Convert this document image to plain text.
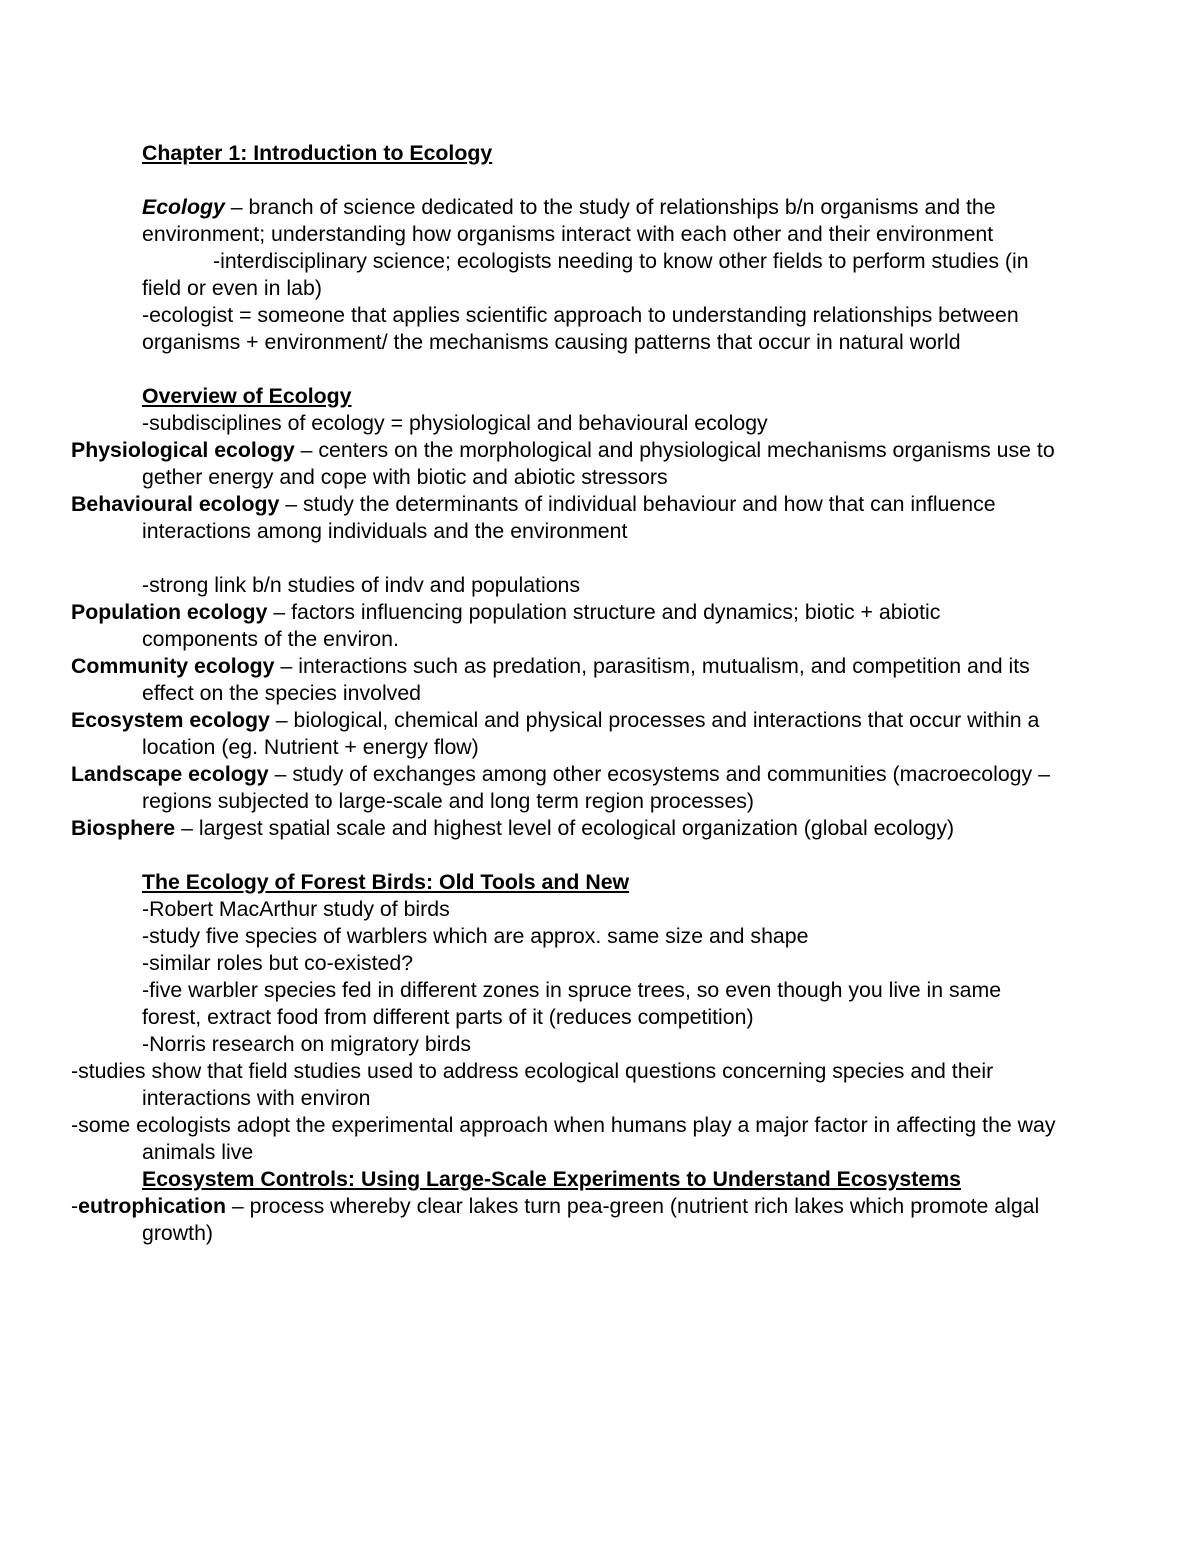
Chapter 1: Introduction to Ecology

Ecology – branch of science dedicated to the study of relationships b/n organisms and the environment; understanding how organisms interact with each other and their environment

-interdisciplinary science; ecologists needing to know other fields to perform studies (in field or even in lab)

-ecologist = someone that applies scientific approach to understanding relationships between organisms + environment/ the mechanisms causing patterns that occur in natural world

Overview of Ecology

-subdisciplines of ecology = physiological and behavioural ecology

Physiological ecology – centers on the morphological and physiological mechanisms organisms use to gether energy and cope with biotic and abiotic stressors

Behavioural ecology – study the determinants of individual behaviour and how that can influence interactions among individuals and the environment

-strong link b/n studies of indv and populations

Population ecology – factors influencing population structure and dynamics; biotic + abiotic components of the environ.

Community ecology – interactions such as predation, parasitism, mutualism, and competition and its effect on the species involved

Ecosystem ecology – biological, chemical and physical processes and interactions that occur within a location (eg. Nutrient + energy flow)

Landscape ecology – study of exchanges among other ecosystems and communities (macroecology – regions subjected to large-scale and long term region processes)

Biosphere – largest spatial scale and highest level of ecological organization (global ecology)

The Ecology of Forest Birds: Old Tools and New

-Robert MacArthur study of birds

-study five species of warblers which are approx. same size and shape

-similar roles but co-existed?

-five warbler species fed in different zones in spruce trees, so even though you live in same forest, extract food from different parts of it (reduces competition)

-Norris research on migratory birds

-studies show that field studies used to address ecological questions concerning species and their interactions with environ

-some ecologists adopt the experimental approach when humans play a major factor in affecting the way animals live

Ecosystem Controls: Using Large-Scale Experiments to Understand Ecosystems

-eutrophication – process whereby clear lakes turn pea-green (nutrient rich lakes which promote algal growth)
